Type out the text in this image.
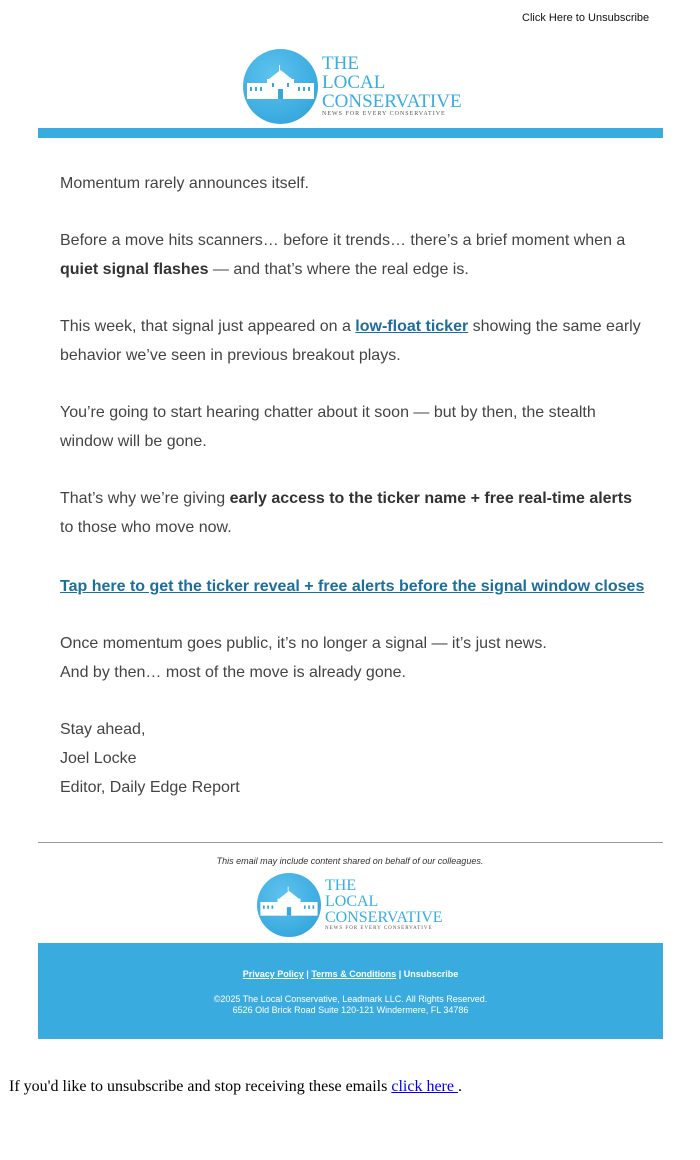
Click Here to Unsubscribe
THE
LOCAL
CONSERVATIVE
NEWS FOR EVERY CONSERVATIVE

Momentum rarely announces itself.

Before a move hits scanners… before it trends… there’s a brief moment when a quiet signal flashes — and that’s where the real edge is.

This week, that signal just appeared on a low-float ticker showing the same early behavior we’ve seen in previous breakout plays.

You’re going to start hearing chatter about it soon — but by then, the stealth window will be gone.

That’s why we’re giving early access to the ticker name + free real-time alerts to those who move now.

Tap here to get the ticker reveal + free alerts before the signal window closes

Once momentum goes public, it’s no longer a signal — it’s just news.
And by then… most of the move is already gone.

Stay ahead,
Joel Locke
Editor, Daily Edge Report

This email may include content shared on behalf of our colleagues.
THE
LOCAL
CONSERVATIVE
NEWS FOR EVERY CONSERVATIVE
Privacy Policy | Terms & Conditions | Unsubscribe
©2025 The Local Conservative, Leadmark LLC. All Rights Reserved.
6526 Old Brick Road Suite 120-121 Windermere, FL 34786
If you'd like to unsubscribe and stop receiving these emails click here .
